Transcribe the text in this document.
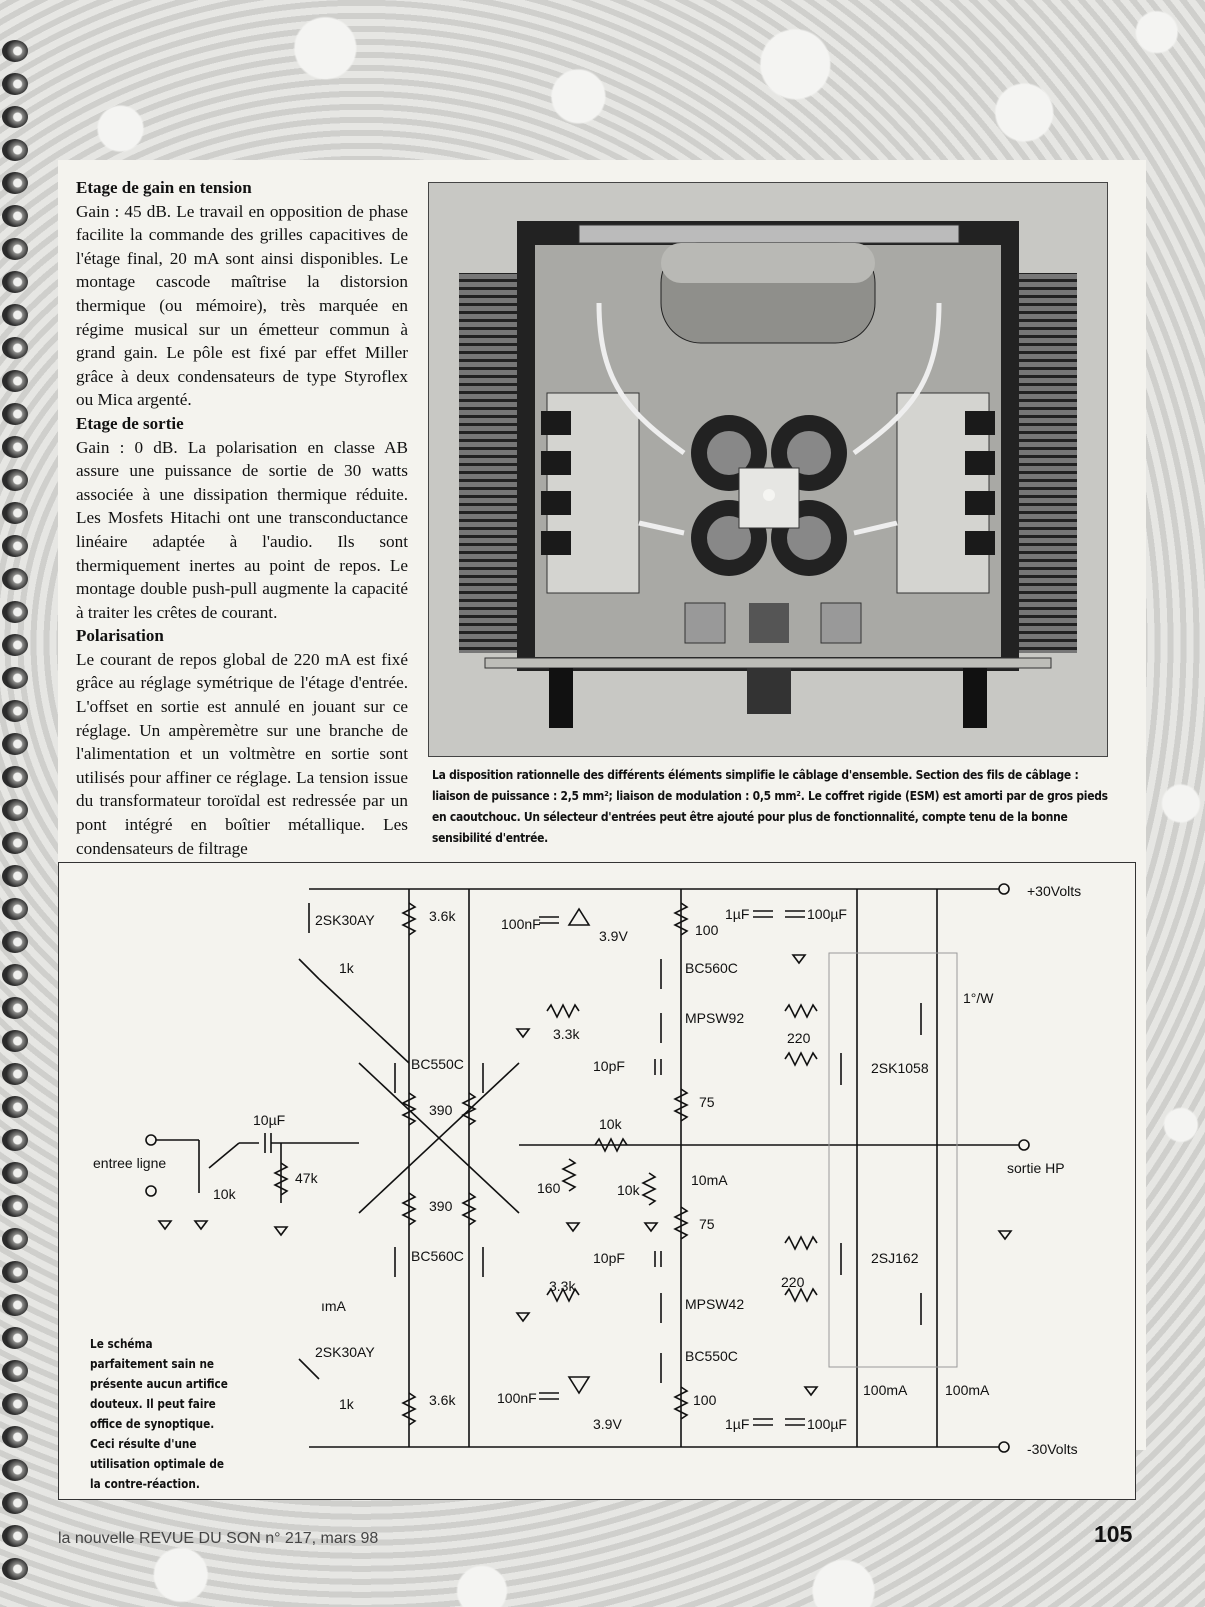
Etage de gain en tension

Gain : 45 dB. Le travail en opposition de phase facilite la commande des grilles capacitives de l'étage final, 20 mA sont ainsi disponibles. Le montage cascode maîtrise la distorsion thermique (ou mémoire), très marquée en régime musical sur un émetteur commun à grand gain. Le pôle est fixé par effet Miller grâce à deux condensateurs de type Styroflex ou Mica argenté.

Etage de sortie

Gain : 0 dB. La polarisation en classe AB assure une puissance de sortie de 30 watts associée à une dissipation thermique réduite. Les Mosfets Hitachi ont une transconductance linéaire adaptée à l'audio. Ils sont thermiquement inertes au point de repos. Le montage double push-pull augmente la capacité à traiter les crêtes de courant.

Polarisation

Le courant de repos global de 220 mA est fixé grâce au réglage symétrique de l'étage d'entrée. L'offset en sortie est annulé en jouant sur ce réglage. Un ampèremètre sur une branche de l'alimentation et un voltmètre en sortie sont utilisés pour affiner ce réglage. La tension issue du transformateur toroïdal est redressée par un pont intégré en boîtier métallique. Les condensateurs de filtrage

La disposition rationnelle des différents éléments simplifie le câblage d'ensemble. Section des fils de câblage : liaison de puissance : 2,5 mm²; liaison de modulation : 0,5 mm². Le coffret rigide (ESM) est amorti par de gros pieds en caoutchouc. Un sélecteur d'entrées peut être ajouté pour plus de fonctionnalité, compte tenu de la bonne sensibilité d'entrée.
+30Volts
-30Volts
entree ligne	sortie HP
1°/W
2SK30AY
2SK30AY
1k
1k
3.6k
3.6k
BC550C
BC560C
390
390
10µF
10k
47k
100nF
3.9V	100
1µF	100µF
BC560C
MPSW92
3.3k
10pF
220
2SK1058
75
10k
160	10k
10mA
75
10pF	2SJ162
220
3.3k
MPSW42
BC550C
100nF
3.9V
100
1µF	100µF
100mA	100mA
ımA
Le schéma parfaitement sain ne présente aucun artifice douteux. Il peut faire office de synoptique. Ceci résulte d'une utilisation optimale de la contre-réaction.
la nouvelle REVUE DU SON n° 217, mars 98	105
